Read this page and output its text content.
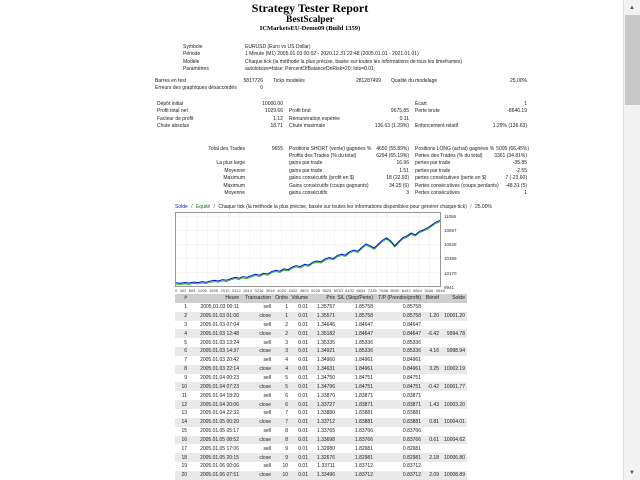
Strategy Tester Report
BestScalper
ICMarketsEU-Demo09 (Build 1359)
Symbole	EURUSD (Euro vs US Dollar)
Période	1 Minute (M1) 2005.01.03 00:02 - 2020.12.31 22:48 (2005.01.01 - 2021.01.01)
Modèle	Chaque tick (la méthode la plus précise, basée sur toutes les informations de tous les timeframes)
Paramètres	autolotsize=false; PercentOfBalanceOnRisk=20; lots=0.01;
Barres en test	5817726 Ticks modelés	281287499 Qualité du modelage	25.00%
Erreurs des graphiques désaccordés	0
Dépôt initial	10000.00	Écart	1
Profit total net	1029.66 Profit brut	9675.85 Perte brute	-8646.19
Facteur de profit	1.12 Rémunération espérée	0.11
Chute absolue	18.71 Chute maximale	136.63 (1.29%) Enfoncement relatif	1.29% (136.63)
Total des Trades	9655 Positions SHORT (vente) gagnées % 4650 (55.89%) Positions LONG (achat) gagnées % 5005 (66.45%)
Profits des Trades (% du total)	6294 (65.19%) Pertes des Trades (% du total) 3361 (34.81%)
La plus large	gains par trade	16.96 pertes par trade	-35.85
Moyenne	gains par trade	1.51 pertes par trade	-2.55
Maximum	gains consécutifs (profit en $)	18 (22.93) pertes consécutives (perte en $)	7 (-23.60)
Maximum	Gains consécutifs (coups gagnants)	34.25 (6) Pertes consécutives (coups perdants) -48.31 (5)
Moyenne	gains consécutifs	3 Pertes consécutives	1
Solde / Équité / Chaque tick (la méthode la plus précise, basée sur toutes les informations disponibles pour générer chaque tick) / 25.00%
11086
10857
10628
10399
10170
9941
0 402 804 1206 1608 2010 2412 2814 3216 3618 4020 4422 4824 5226 5628 6030 6432 6834 7236 7638 8040 8442 8844 9246 9648
#	Heure	Transaction	Ordre	Volume	Prix	S/L (Stop/Perte)	T/P (Prendre/profit)	Bénéf	Solde
1	2005.01.03 00:11	sell	1	0.01	1.35757	1.85758	0.85758		
2	2005.01.03 01:06	close	1	0.01	1.35571	1.85758	0.85758	1.20	10001.20
3	2005.01.03 07:04	sell	2	0.01	1.34646	1.84647	0.84647		
4	2005.01.03 12:48	close	2	0.01	1.35182	1.84647	0.84647	-6.42	9994.78
5	2005.01.03 13:24	sell	3	0.01	1.35335	1.85336	0.85336		
6	2005.01.03 14:37	close	3	0.01	1.34921	1.85336	0.85336	4.16	9998.94
7	2005.01.03 20:42	sell	4	0.01	1.34960	1.84961	0.84961		
8	2005.01.03 22:14	close	4	0.01	1.34631	1.84961	0.84961	3.25	10002.19
9	2005.01.04 00:23	sell	5	0.01	1.34750	1.84751	0.84751		
10	2005.01.04 07:23	close	5	0.01	1.34796	1.84751	0.84751	-0.42	10001.77
11	2005.01.04 18:20	sell	6	0.01	1.33870	1.83871	0.83871		
12	2005.01.04 20:06	close	6	0.01	1.33727	1.83871	0.83871	1.43	10003.20
13	2005.01.04 22:32	sell	7	0.01	1.33880	1.83881	0.83881		
14	2005.01.05 00:20	close	7	0.01	1.33712	1.83881	0.83881	0.81	10004.01
15	2005.01.05 05:17	sell	8	0.01	1.33765	1.83766	0.83766		
16	2005.01.05 08:52	close	8	0.01	1.33698	1.83766	0.83766	0.61	10004.62
17	2005.01.05 17:06	sell	9	0.01	1.32980	1.82981	0.82981		
18	2005.01.05 20:15	close	9	0.01	1.32676	1.82981	0.82981	2.18	10006.80
19	2005.01.06 00:06	sell	10	0.01	1.33711	1.83712	0.83712		
20	2005.01.06 07:51	close	10	0.01	1.33496	1.83712	0.83712	2.09	10008.89
▲
▼
